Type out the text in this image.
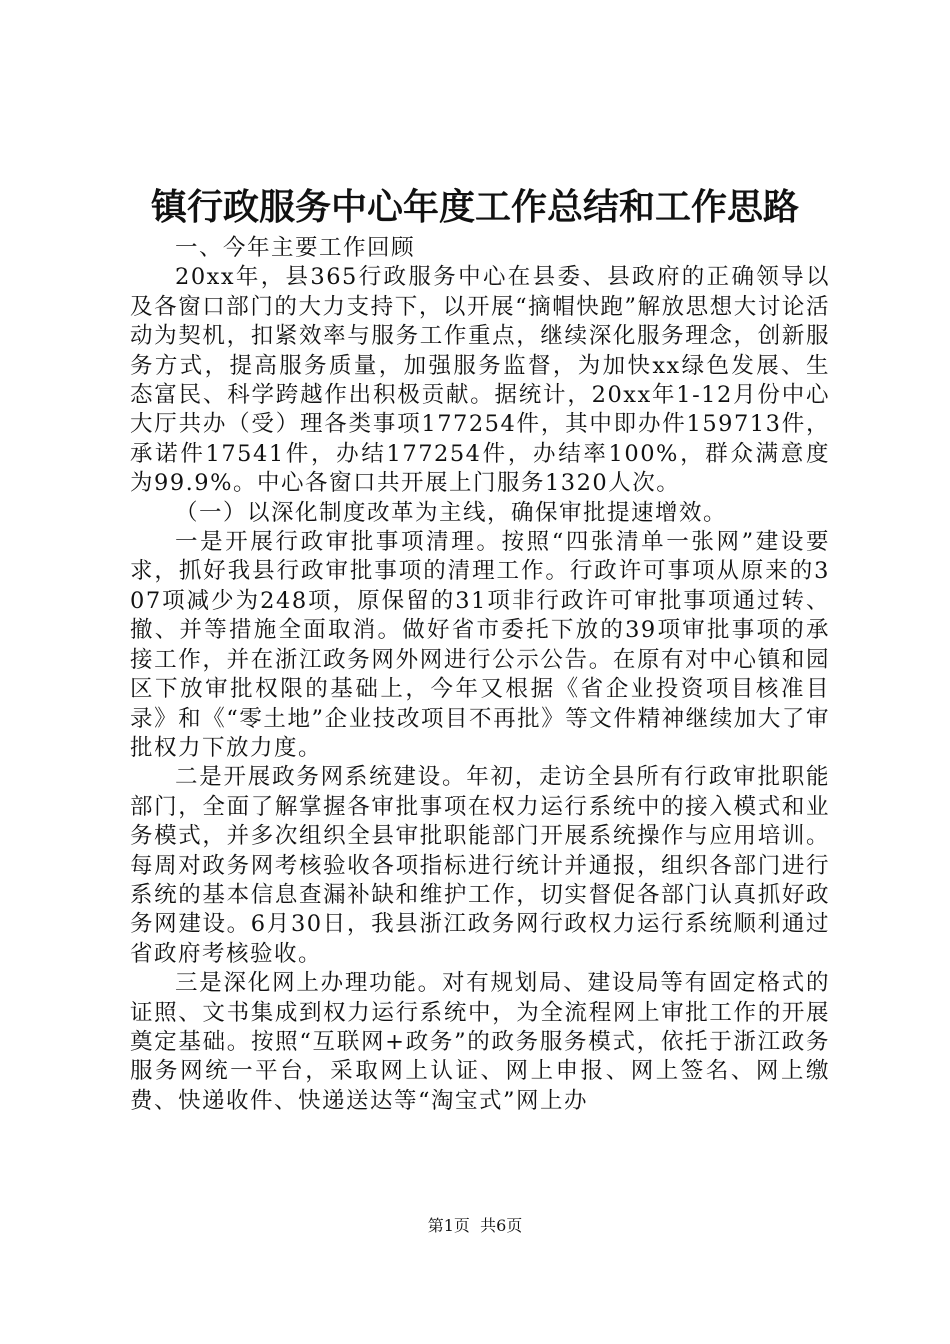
镇行政服务中心年度工作总结和工作思路

一、今年主要工作回顾

20xx年，县365行政服务中心在县委、县政府的正确领导以及各窗口部门的大力支持下，以开展“摘帽快跑”解放思想大讨论活动为契机，扣紧效率与服务工作重点，继续深化服务理念，创新服务方式，提高服务质量，加强服务监督，为加快xx绿色发展、生态富民、科学跨越作出积极贡献。据统计，20xx年1-12月份中心大厅共办（受）理各类事项177254件，其中即办件159713件，承诺件17541件，办结177254件，办结率100%，群众满意度为99.9%。中心各窗口共开展上门服务1320人次。

（一）以深化制度改革为主线，确保审批提速增效。

一是开展行政审批事项清理。按照“四张清单一张网”建设要求，抓好我县行政审批事项的清理工作。行政许可事项从原来的307项减少为248项，原保留的31项非行政许可审批事项通过转、撤、并等措施全面取消。做好省市委托下放的39项审批事项的承接工作，并在浙江政务网外网进行公示公告。在原有对中心镇和园区下放审批权限的基础上，今年又根据《省企业投资项目核准目录》和《“零土地”企业技改项目不再批》等文件精神继续加大了审批权力下放力度。

二是开展政务网系统建设。年初，走访全县所有行政审批职能部门，全面了解掌握各审批事项在权力运行系统中的接入模式和业务模式，并多次组织全县审批职能部门开展系统操作与应用培训。每周对政务网考核验收各项指标进行统计并通报，组织各部门进行系统的基本信息查漏补缺和维护工作，切实督促各部门认真抓好政务网建设。6月30日，我县浙江政务网行政权力运行系统顺利通过省政府考核验收。

三是深化网上办理功能。对有规划局、建设局等有固定格式的证照、文书集成到权力运行系统中，为全流程网上审批工作的开展奠定基础。按照“互联网+政务”的政务服务模式，依托于浙江政务服务网统一平台，采取网上认证、网上申报、网上签名、网上缴费、快递收件、快递送达等“淘宝式”网上办

第1页 共6页
